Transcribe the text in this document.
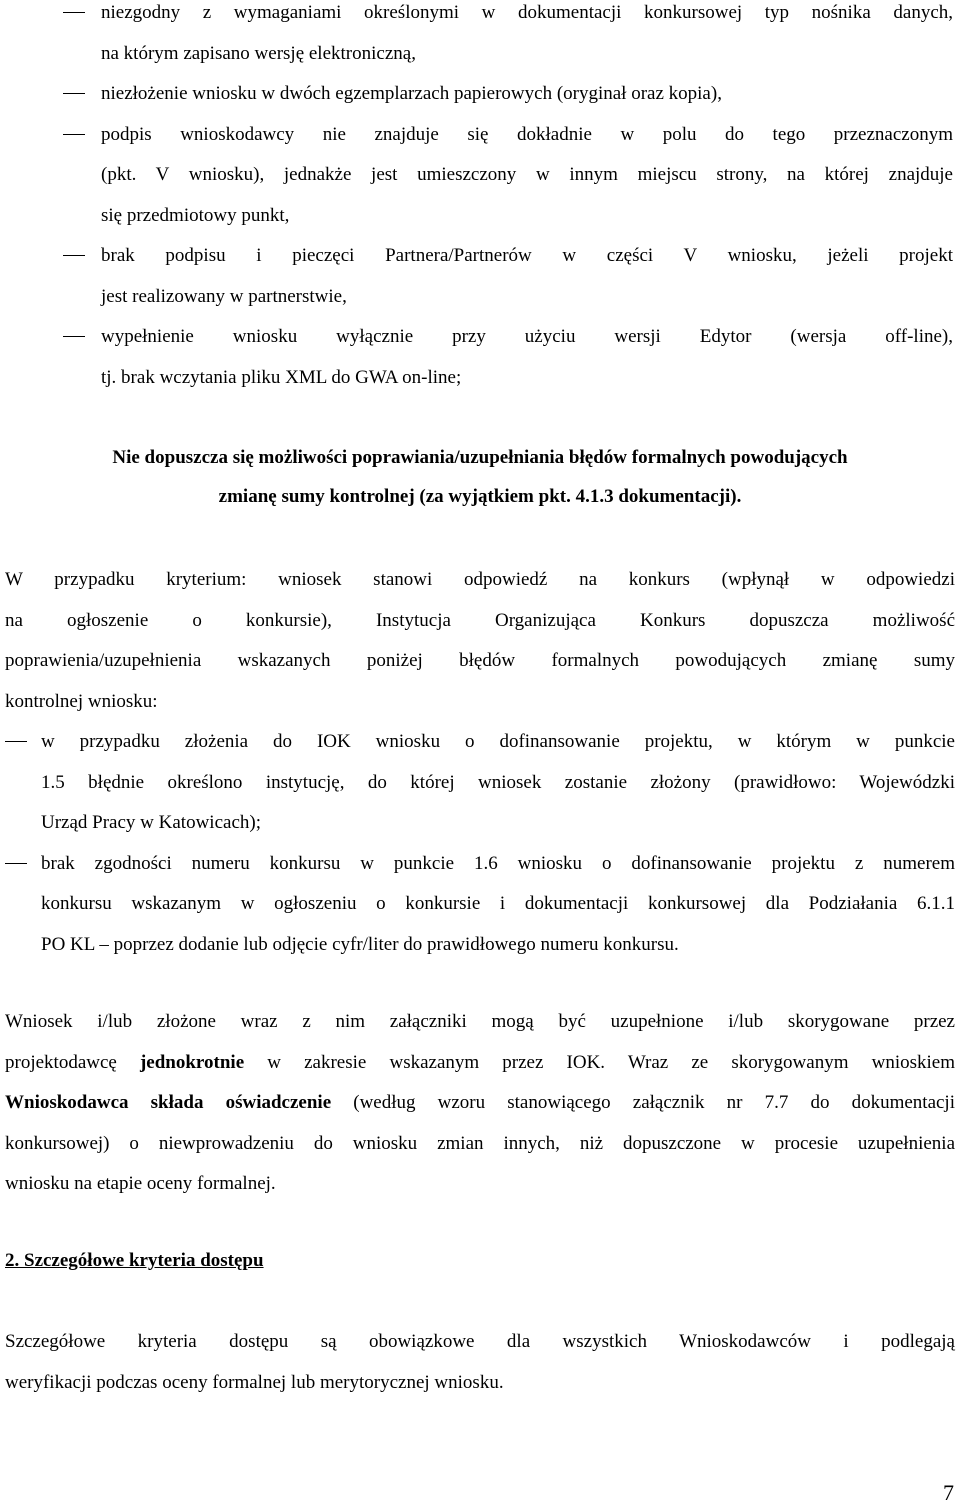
niezgodny z wymaganiami określonymi w dokumentacji konkursowej typ nośnika danych,

na którym zapisano wersję elektroniczną,

niezłożenie wniosku w dwóch egzemplarzach papierowych (oryginał oraz kopia),

podpis wnioskodawcy nie znajduje się dokładnie w polu do tego przeznaczonym

(pkt. V wniosku), jednakże jest umieszczony w innym miejscu strony, na której znajduje

się przedmiotowy punkt,

brak podpisu i pieczęci Partnera/Partnerów w części V wniosku, jeżeli projekt

jest realizowany w partnerstwie,

wypełnienie wniosku wyłącznie przy użyciu wersji Edytor (wersja off-line),

tj. brak wczytania pliku XML do GWA on-line;

Nie dopuszcza się możliwości poprawiania/uzupełniania błędów formalnych powodujących
zmianę sumy kontrolnej (za wyjątkiem pkt. 4.1.3 dokumentacji).

W przypadku kryterium: wniosek stanowi odpowiedź na konkurs (wpłynął w odpowiedzi

na ogłoszenie o konkursie), Instytucja Organizująca Konkurs dopuszcza możliwość

poprawienia/uzupełnienia wskazanych poniżej błędów formalnych powodujących zmianę sumy

kontrolnej wniosku:

w przypadku złożenia do IOK wniosku o dofinansowanie projektu, w którym w punkcie

1.5 błędnie określono instytucję, do której wniosek zostanie złożony (prawidłowo: Wojewódzki

Urząd Pracy w Katowicach);

brak zgodności numeru konkursu w punkcie 1.6 wniosku o dofinansowanie projektu z numerem

konkursu wskazanym w ogłoszeniu o konkursie i dokumentacji konkursowej dla Podziałania 6.1.1

PO KL – poprzez dodanie lub odjęcie cyfr/liter do prawidłowego numeru konkursu.

Wniosek i/lub złożone wraz z nim załączniki mogą być uzupełnione i/lub skorygowane przez

projektodawcę jednokrotnie w zakresie wskazanym przez IOK. Wraz ze skorygowanym wnioskiem

Wnioskodawca składa oświadczenie (według wzoru stanowiącego załącznik nr 7.7 do dokumentacji

konkursowej) o niewprowadzeniu do wniosku zmian innych, niż dopuszczone w procesie uzupełnienia

wniosku na etapie oceny formalnej.

2. Szczegółowe kryteria dostępu

Szczegółowe kryteria dostępu są obowiązkowe dla wszystkich Wnioskodawców i podlegają

weryfikacji podczas oceny formalnej lub merytorycznej wniosku.

7
